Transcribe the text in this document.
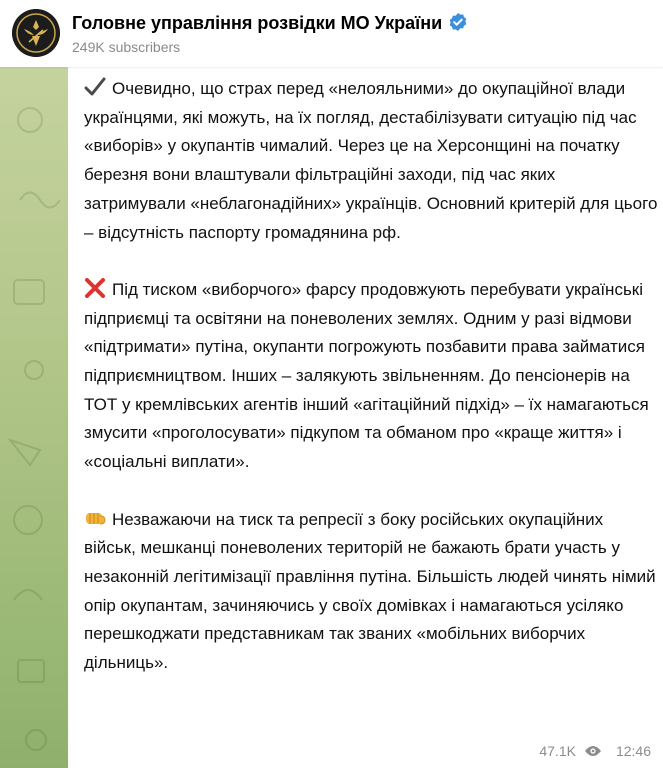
Головне управління розвідки МО України
249K subscribers

Очевидно, що страх перед «нелояльними» до окупаційної влади українцями, які можуть, на їх погляд, дестабілізувати ситуацію під час «виборів» у окупантів чималий. Через це на Херсонщині на початку березня вони влаштували фільтраційні заходи, під час яких затримували «неблагонадійних» українців. Основний критерій для цього – відсутність паспорту громадянина рф.

Під тиском «виборчого» фарсу продовжують перебувати українські підприємці та освітяни на поневолених землях. Одним у разі відмови «підтримати» путіна, окупанти погрожують позбавити права займатися підприємництвом. Інших – залякують звільненням. До пенсіонерів на ТОТ у кремлівських агентів інший «агітаційний підхід» – їх намагаються змусити «проголосувати» підкупом та обманом про «краще життя» і «соціальні виплати».

Незважаючи на тиск та репресії з боку російських окупаційних військ, мешканці поневолених територій не бажають брати участь у незаконній легітимізації правління путіна. Більшість людей чинять німий опір окупантам, зачиняючись у своїх домівках і намагаються усіляко перешкоджати представникам так званих «мобільних виборчих дільниць».

47.1K	12:46
